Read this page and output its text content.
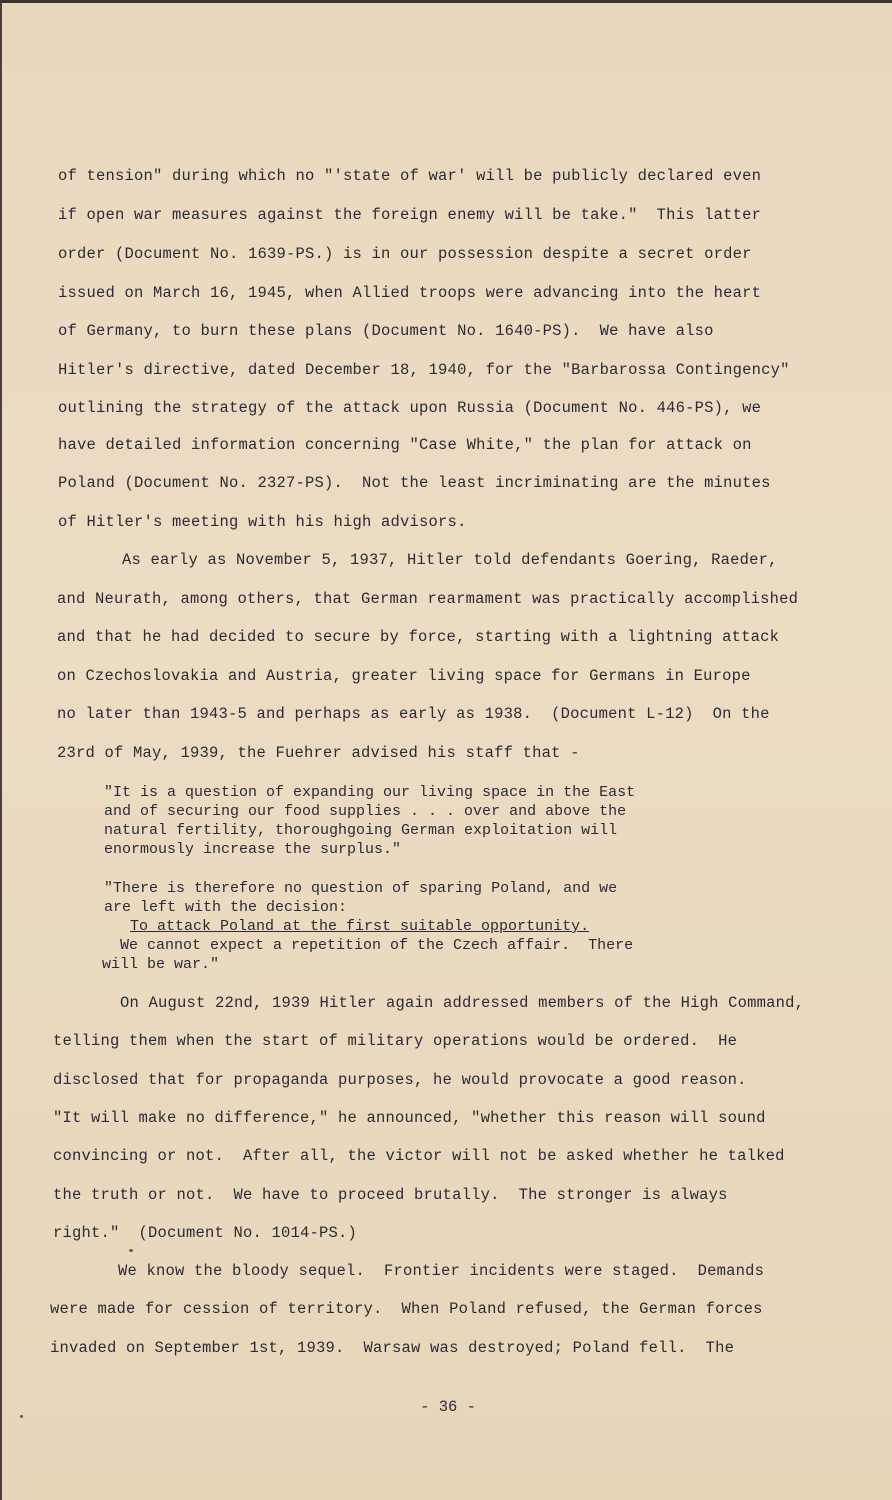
of tension" during which no "'state of war' will be publicly declared even
if open war measures against the foreign enemy will be take."  This latter
order (Document No. 1639-PS.) is in our possession despite a secret order
issued on March 16, 1945, when Allied troops were advancing into the heart
of Germany, to burn these plans (Document No. 1640-PS).  We have also
Hitler's directive, dated December 18, 1940, for the "Barbarossa Contingency"
outlining the strategy of the attack upon Russia (Document No. 446-PS), we
have detailed information concerning "Case White," the plan for attack on
Poland (Document No. 2327-PS).  Not the least incriminating are the minutes
of Hitler's meeting with his high advisors.
As early as November 5, 1937, Hitler told defendants Goering, Raeder,
and Neurath, among others, that German rearmament was practically accomplished
and that he had decided to secure by force, starting with a lightning attack
on Czechoslovakia and Austria, greater living space for Germans in Europe
no later than 1943-5 and perhaps as early as 1938.  (Document L-12)  On the
23rd of May, 1939, the Fuehrer advised his staff that -
"It is a question of expanding our living space in the East
and of securing our food supplies . . . over and above the
natural fertility, thoroughgoing German exploitation will
enormously increase the surplus."
"There is therefore no question of sparing Poland, and we
are left with the decision:
To attack Poland at the first suitable opportunity.
We cannot expect a repetition of the Czech affair.  There
will be war."
On August 22nd, 1939 Hitler again addressed members of the High Command,
telling them when the start of military operations would be ordered.  He
disclosed that for propaganda purposes, he would provocate a good reason.
"It will make no difference," he announced, "whether this reason will sound
convincing or not.  After all, the victor will not be asked whether he talked
the truth or not.  We have to proceed brutally.  The stronger is always
right."  (Document No. 1014-PS.)
We know the bloody sequel.  Frontier incidents were staged.  Demands
were made for cession of territory.  When Poland refused, the German forces
invaded on September 1st, 1939.  Warsaw was destroyed; Poland fell.  The
- 36 -
